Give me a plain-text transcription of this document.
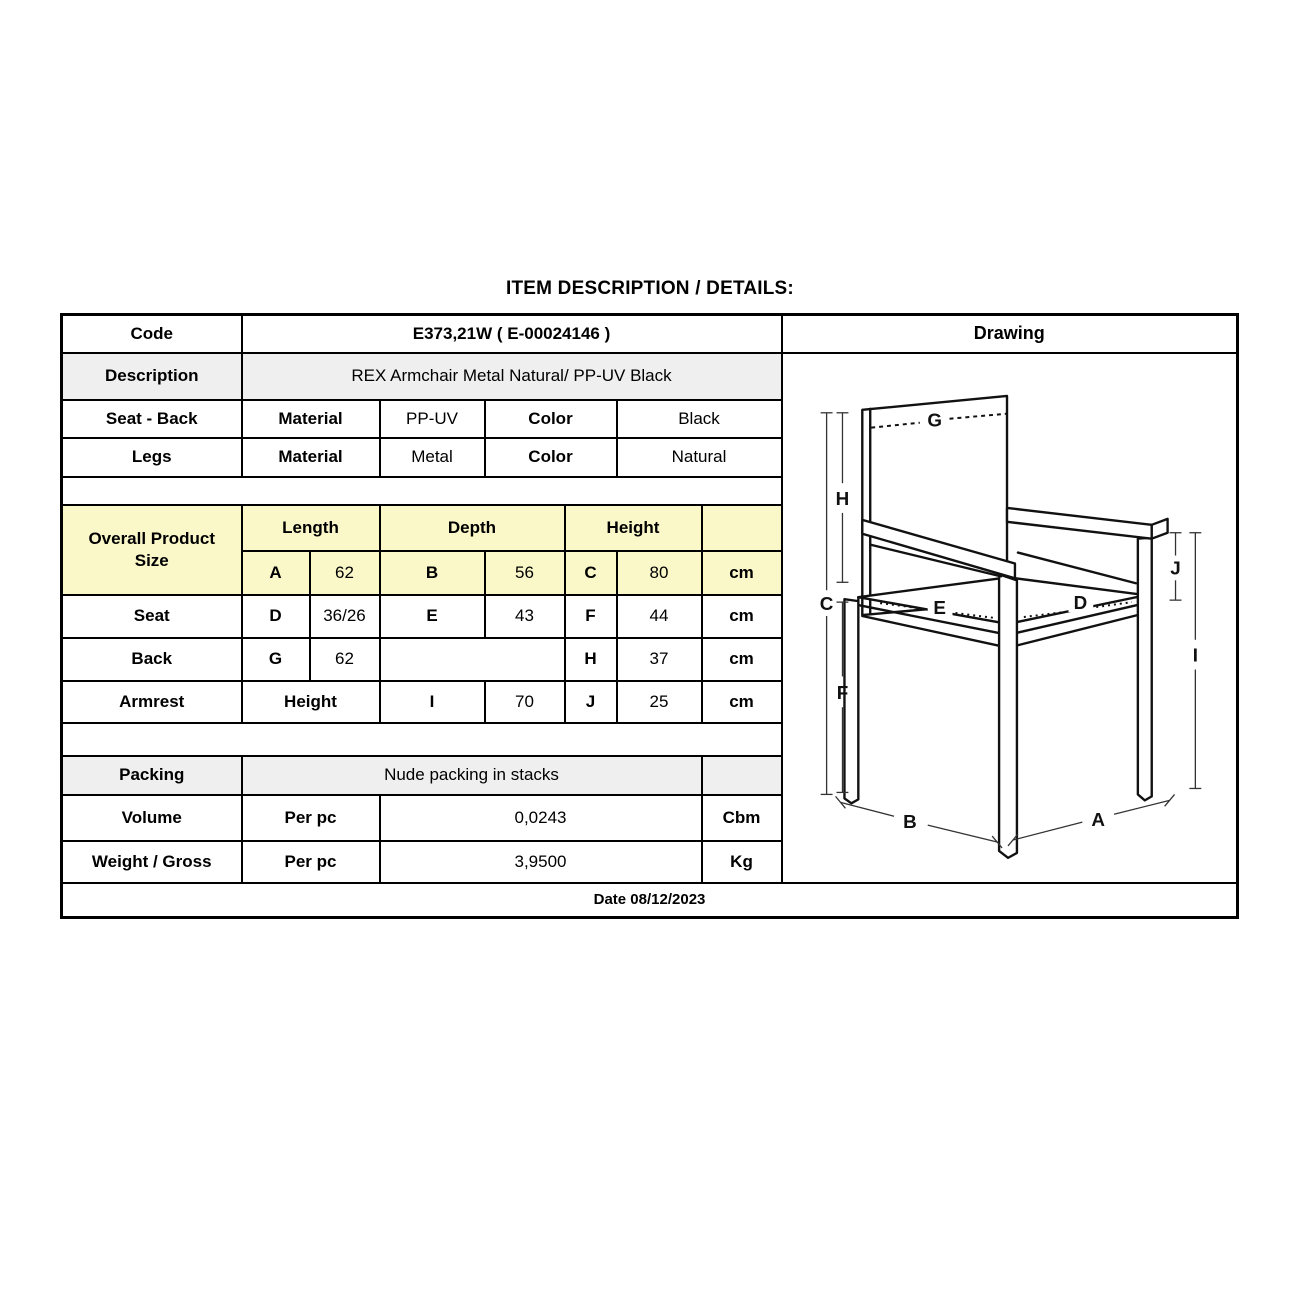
ITEM DESCRIPTION / DETAILS:
Code	E373,21W ( E-00024146 )							Drawing
Description	REX Armchair Metal Natural/ PP-UV Black	
G
E	D
H
C
F
J
I
B	A

Seat - Back	Material		PP-UV	Color		Black		
Legs	Material		Metal	Color		Natural		

Overall Product
Size	Length		Depth		Height			
	A	62	B	56	C	80	cm	
Seat	D	36/26	E	43	F	44	cm	
Back	G	62			H	37	cm	
Armrest	Height		I	70	J	25	cm	

Packing	Nude packing in stacks							
Volume	Per pc		0,0243				Cbm	
Weight / Gross	Per pc		3,9500				Kg	
Date 08/12/2023								
